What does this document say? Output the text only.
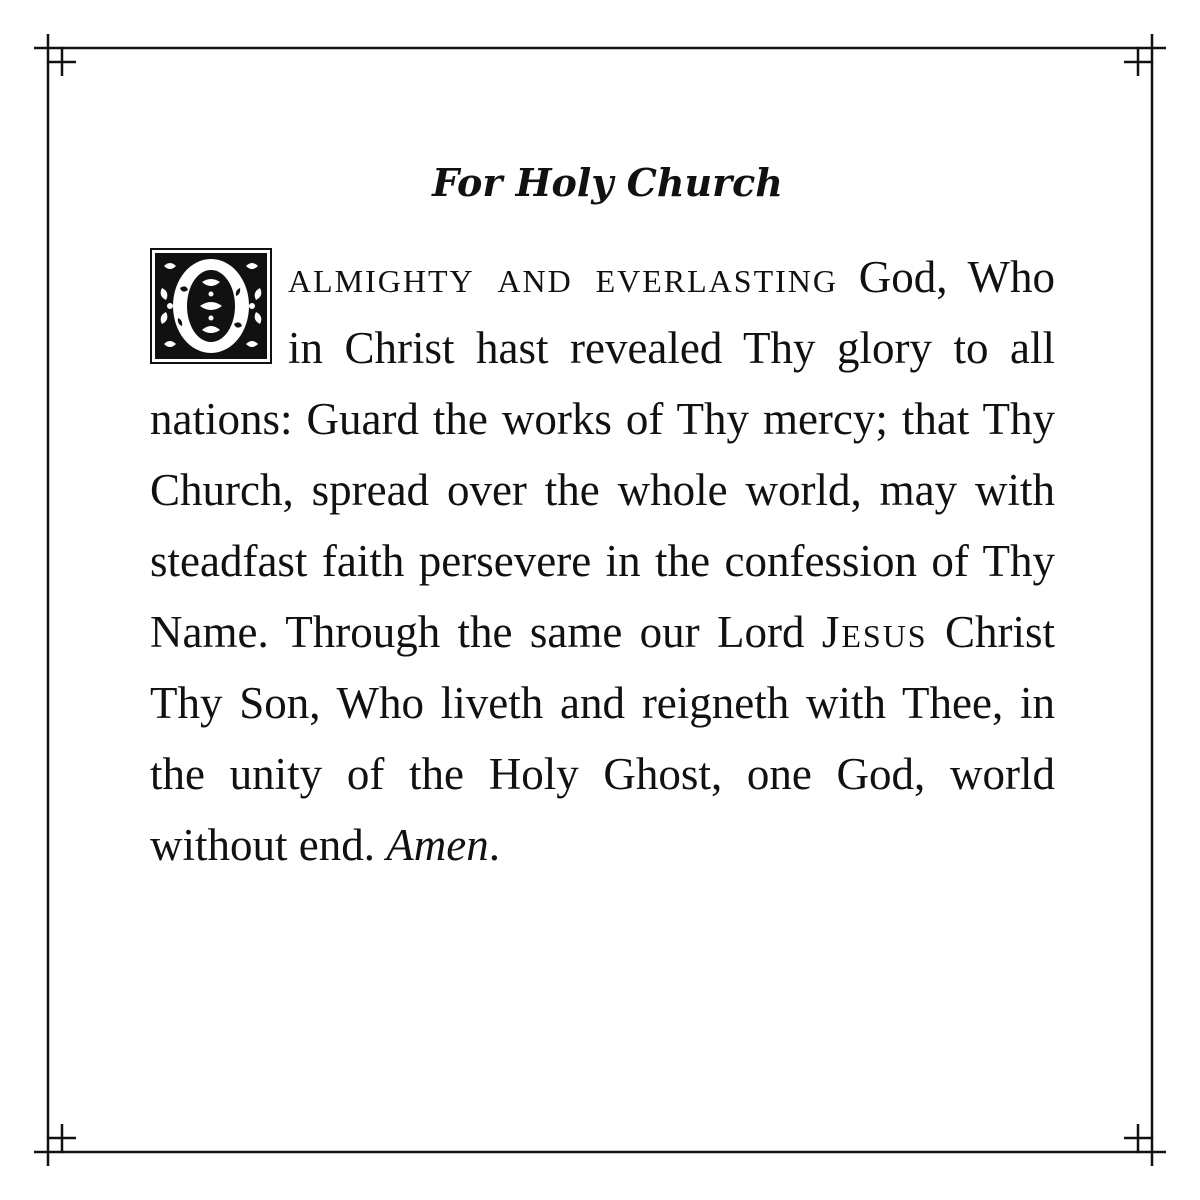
For Holy Church

almighty and everlasting God, Who in Christ hast revealed Thy glory to all nations: Guard the works of Thy mercy; that Thy Church, spread over the whole world, may with steadfast faith persevere in the confession of Thy Name. Through the same our Lord Jesus Christ Thy Son, Who liveth and reigneth with Thee, in the unity of the Holy Ghost, one God, world without end. Amen.
